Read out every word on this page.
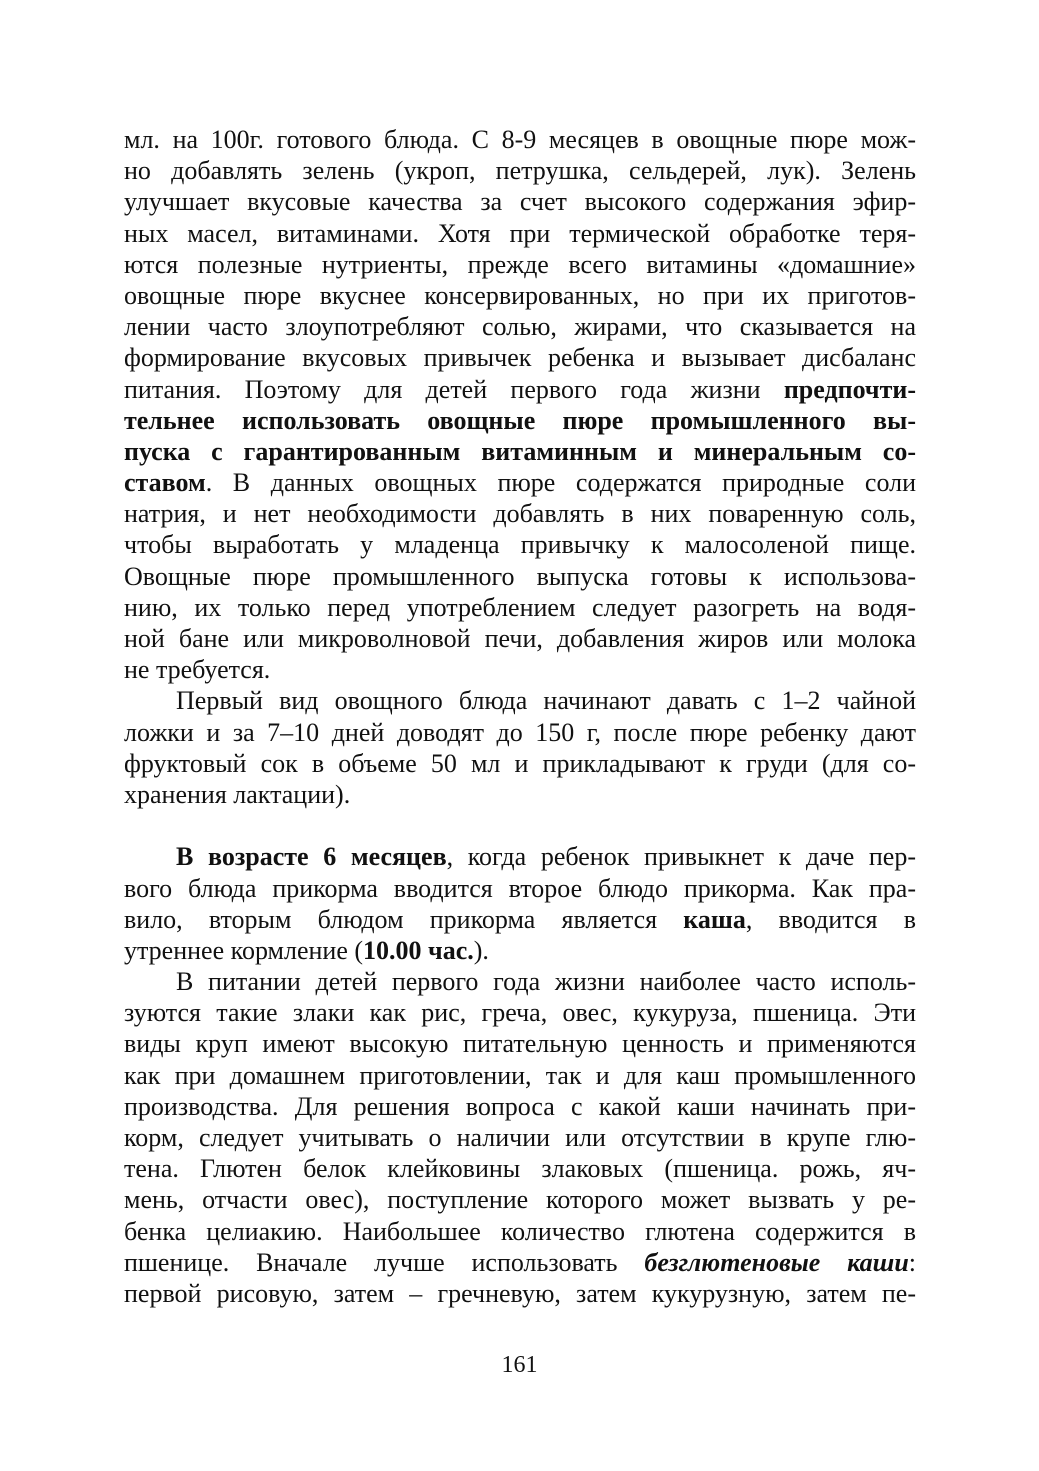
мл. на 100г. готового блюда. С 8-9 месяцев в овощные пюре мож-
но добавлять зелень (укроп, петрушка, сельдерей, лук). Зелень
улучшает вкусовые качества за счет высокого содержания эфир-
ных масел, витаминами. Хотя при термической обработке теря-
ются полезные нутриенты, прежде всего витамины «домашние»
овощные пюре вкуснее консервированных, но при их приготов-
лении часто злоупотребляют солью, жирами, что сказывается на
формирование вкусовых привычек ребенка и вызывает дисбаланс
питания. Поэтому для детей первого года жизни предпочти-
тельнее использовать овощные пюре промышленного вы-
пуска с гарантированным витаминным и минеральным со-
ставом. В данных овощных пюре содержатся природные соли
натрия, и нет необходимости добавлять в них поваренную соль,
чтобы выработать у младенца привычку к малосоленой пище.
Овощные пюре промышленного выпуска готовы к использова-
нию, их только перед употреблением следует разогреть на водя-
ной бане или микроволновой печи, добавления жиров или молока
не требуется.
Первый вид овощного блюда начинают давать с 1–2 чайной
ложки и за 7–10 дней доводят до 150 г, после пюре ребенку дают
фруктовый сок в объеме 50 мл и прикладывают к груди (для со-
хранения лактации).
В возрасте 6 месяцев, когда ребенок привыкнет к даче пер-
вого блюда прикорма вводится второе блюдо прикорма. Как пра-
вило, вторым блюдом прикорма является каша, вводится в
утреннее кормление (10.00 час.).
В питании детей первого года жизни наиболее часто исполь-
зуются такие злаки как рис, греча, овес, кукуруза, пшеница. Эти
виды круп имеют высокую питательную ценность и применяются
как при домашнем приготовлении, так и для каш промышленного
производства. Для решения вопроса с какой каши начинать при-
корм, следует учитывать о наличии или отсутствии в крупе глю-
тена. Глютен белок клейковины злаковых (пшеница. рожь, яч-
мень, отчасти овес), поступление которого может вызвать у ре-
бенка целиакию. Наибольшее количество глютена содержится в
пшенице. Вначале лучше использовать безглютеновые каши:
первой рисовую, затем – гречневую, затем кукурузную, затем пе-
161
